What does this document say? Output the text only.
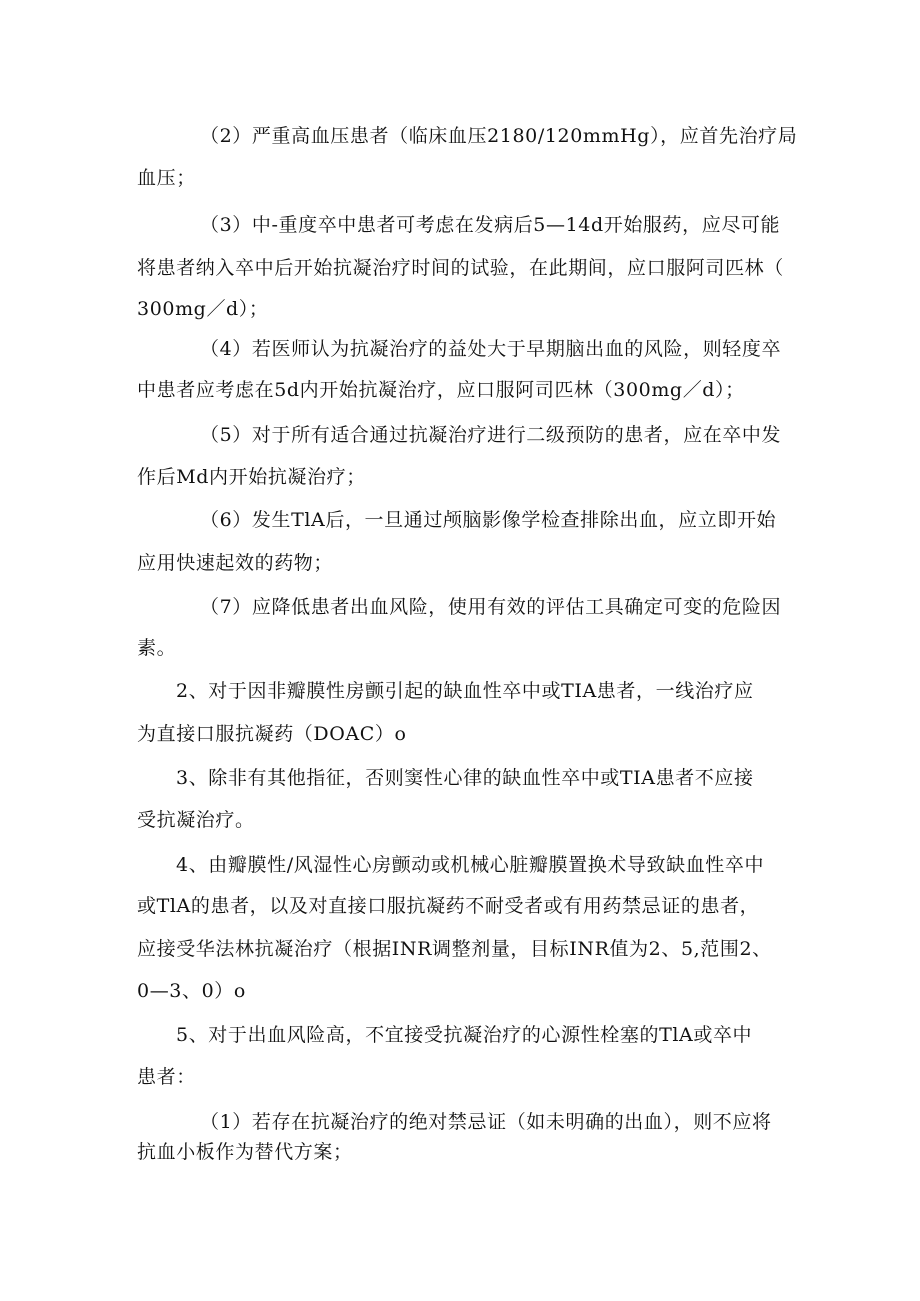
（2）严重高血压患者（临床血压2180/120mmHg），应首先治疗局
血压；
（3）中-重度卒中患者可考虑在发病后5—14d开始服药，应尽可能
将患者纳入卒中后开始抗凝治疗时间的试验，在此期间，应口服阿司匹林（
300mg／d）；
（4）若医师认为抗凝治疗的益处大于早期脑出血的风险，则轻度卒
中患者应考虑在5d内开始抗凝治疗，应口服阿司匹林（300mg／d）；
（5）对于所有适合通过抗凝治疗进行二级预防的患者，应在卒中发
作后Md内开始抗凝治疗；
（6）发生TlA后，一旦通过颅脑影像学检查排除出血，应立即开始
应用快速起效的药物；
（7）应降低患者出血风险，使用有效的评估工具确定可变的危险因
素。
2、对于因非瓣膜性房颤引起的缺血性卒中或TIA患者，一线治疗应
为直接口服抗凝药（DOAC）o
3、除非有其他指征，否则窦性心律的缺血性卒中或TIA患者不应接
受抗凝治疗。
4、由瓣膜性/风湿性心房颤动或机械心脏瓣膜置换术导致缺血性卒中
或TlA的患者，以及对直接口服抗凝药不耐受者或有用药禁忌证的患者，
应接受华法林抗凝治疗（根据INR调整剂量，目标INR值为2、5,范围2、
0—3、0）o
5、对于出血风险高，不宜接受抗凝治疗的心源性栓塞的TlA或卒中
患者：
（1）若存在抗凝治疗的绝对禁忌证（如未明确的出血），则不应将
抗血小板作为替代方案；
